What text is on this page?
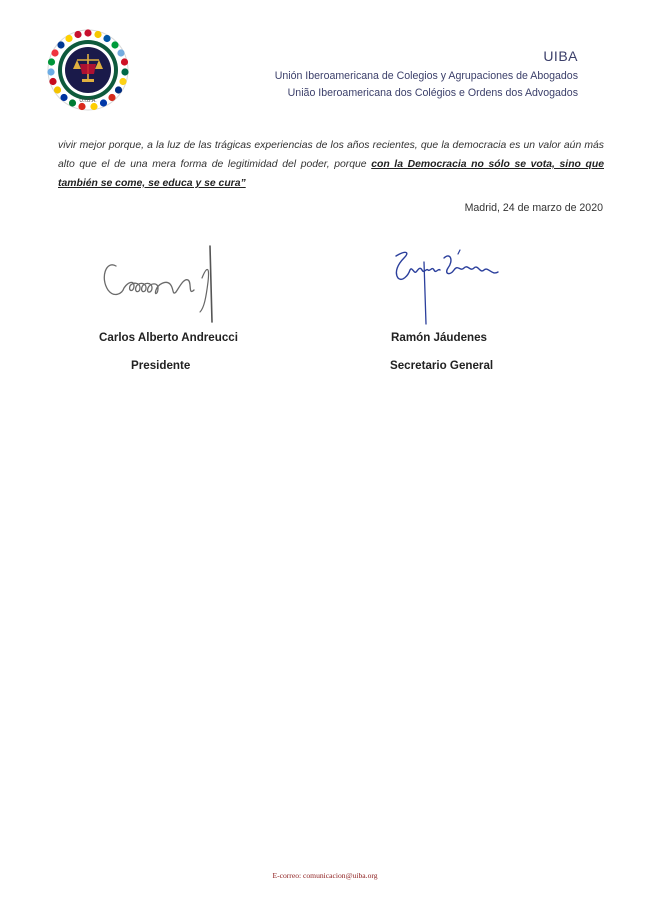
U.I.B.A.
UIBA
Unión Iberoamericana de Colegios y Agrupaciones de Abogados
União Iberoamericana dos Colégios e Ordens dos Advogados
vivir mejor porque, a la luz de las trágicas experiencias de los años recientes, que la democracia es un valor aún más alto que el de una mera forma de legitimidad del poder, porque con la Democracia no sólo se vota, sino que también se come, se educa y se cura”
Madrid, 24 de marzo de 2020
Carlos Alberto Andreucci	Ramón Jáudenes
Presidente	Secretario General
E-correo: comunicacion@uiba.org
